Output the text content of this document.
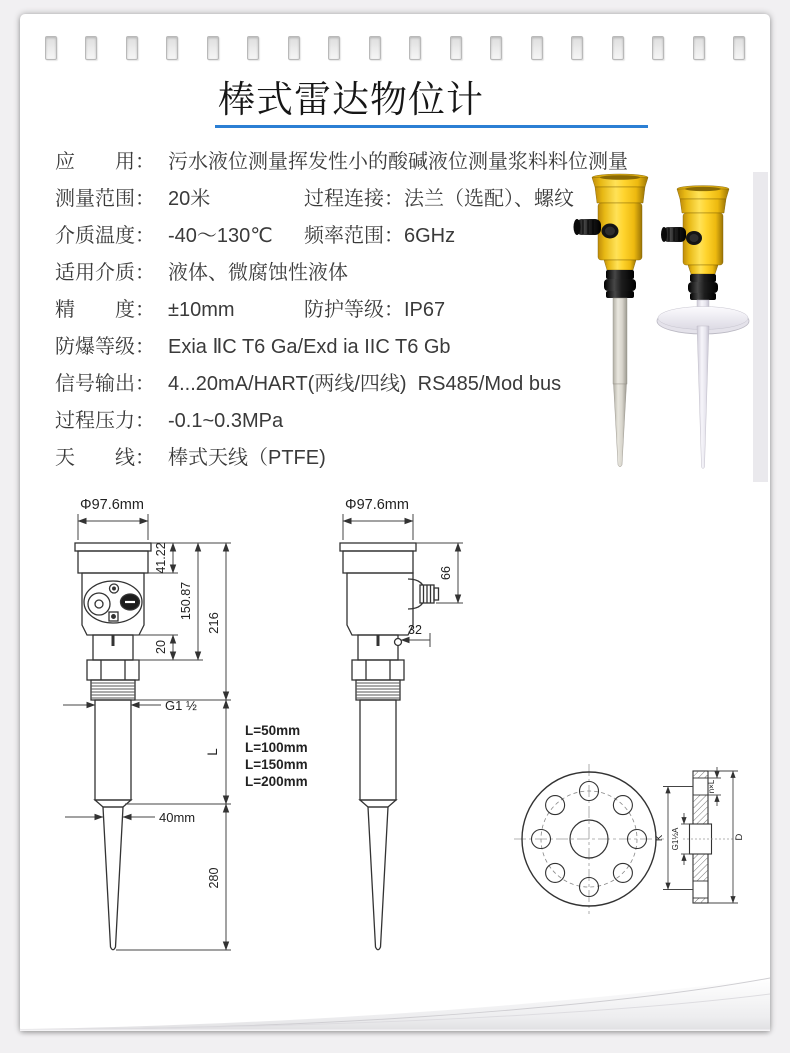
棒式雷达物位计
应　　用： 污水液位测量挥发性小的酸碱液位测量浆料料位测量
测量范围： 20米	过程连接：法兰（选配）、螺纹
介质温度： -40～130℃ 频率范围：6GHz
适用介质： 液体、微腐蚀性液体
精　　度： ±10mm	防护等级：IP67
防爆等级： Exia ⅡC T6 Ga/Exd ia IIC T6 Gb
信号输出： 4...20mA/HART(两线/四线)  RS485/Mod bus
过程压力： -0.1~0.3MPa
天　　线： 棒式天线（PTFE)
Φ97.6mm
41.22
20
150.87
216
G1 ½
L
L=50mm
L=100mm
L=150mm
L=200mm
40mm
280
Φ97.6mm
66
32
K	D
n×L
G1½A
